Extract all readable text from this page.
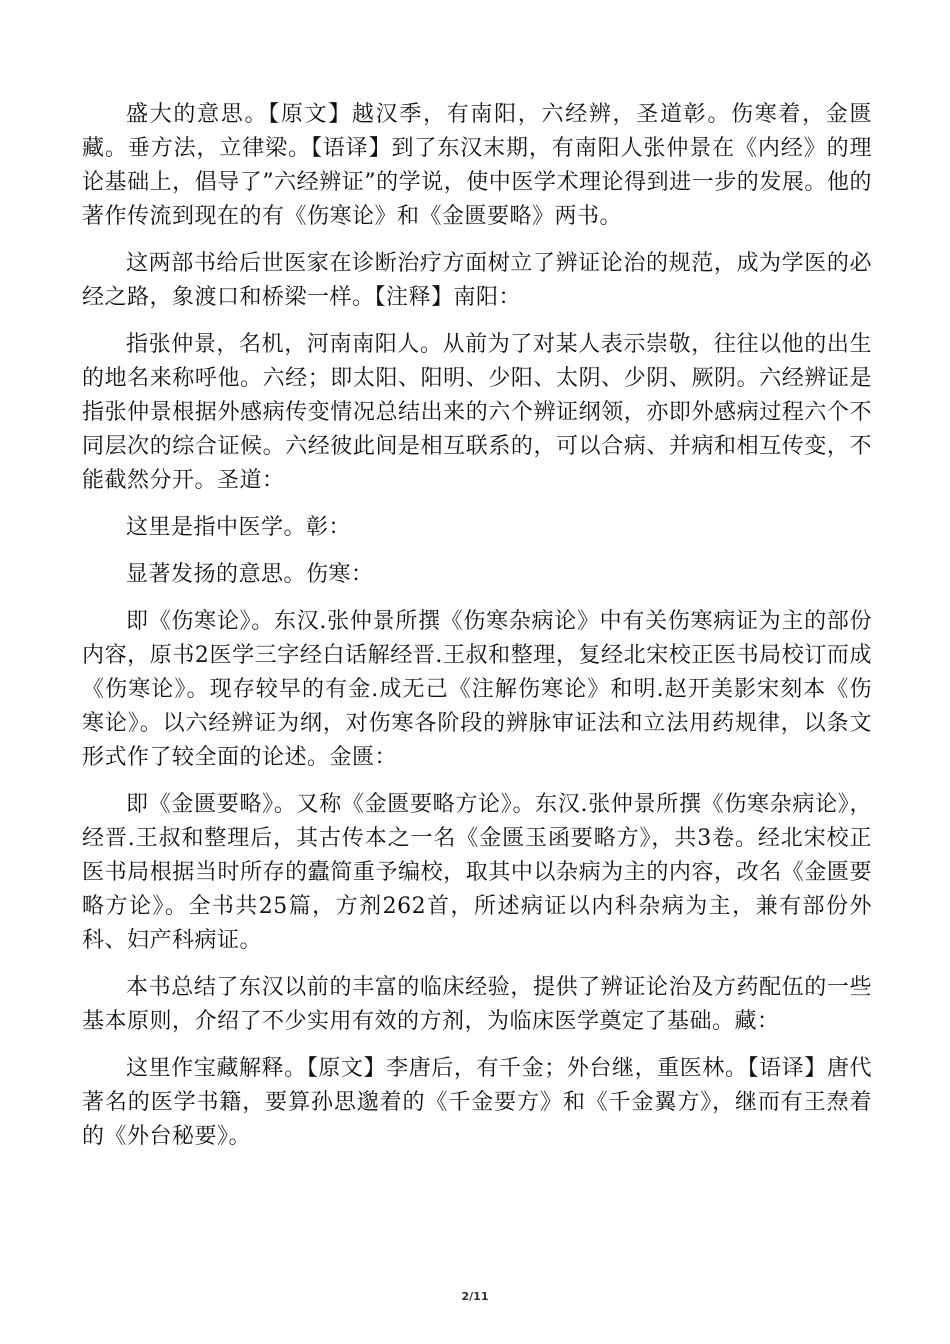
盛大的意思。【原文】越汉季，有南阳，六经辨，圣道彰。伤寒着，金匮藏。垂方法，立律梁。【语译】到了东汉末期，有南阳人张仲景在《内经》的理论基础上，倡导了”六经辨证”的学说，使中医学术理论得到进一步的发展。他的著作传流到现在的有《伤寒论》和《金匮要略》两书。

这两部书给后世医家在诊断治疗方面树立了辨证论治的规范，成为学医的必经之路，象渡口和桥梁一样。【注释】南阳：

指张仲景，名机，河南南阳人。从前为了对某人表示崇敬，往往以他的出生的地名来称呼他。六经；即太阳、阳明、少阳、太阴、少阴、厥阴。六经辨证是指张仲景根据外感病传变情况总结出来的六个辨证纲领，亦即外感病过程六个不同层次的综合证候。六经彼此间是相互联系的，可以合病、并病和相互传变，不能截然分开。圣道：

这里是指中医学。彰：

显著发扬的意思。伤寒：

即《伤寒论》。东汉.张仲景所撰《伤寒杂病论》中有关伤寒病证为主的部份内容，原书2医学三字经白话解经晋.王叔和整理，复经北宋校正医书局校订而成《伤寒论》。现存较早的有金.成无己《注解伤寒论》和明.赵开美影宋刻本《伤寒论》。以六经辨证为纲，对伤寒各阶段的辨脉审证法和立法用药规律，以条文形式作了较全面的论述。金匮：

即《金匮要略》。又称《金匮要略方论》。东汉.张仲景所撰《伤寒杂病论》，经晋.王叔和整理后，其古传本之一名《金匮玉函要略方》，共3卷。经北宋校正医书局根据当时所存的蠹简重予编校，取其中以杂病为主的内容，改名《金匮要略方论》。全书共25篇，方剂262首，所述病证以内科杂病为主，兼有部份外科、妇产科病证。

本书总结了东汉以前的丰富的临床经验，提供了辨证论治及方药配伍的一些基本原则，介绍了不少实用有效的方剂，为临床医学奠定了基础。藏：

这里作宝藏解释。【原文】李唐后，有千金；外台继，重医林。【语译】唐代著名的医学书籍，要算孙思邈着的《千金要方》和《千金翼方》，继而有王焘着的《外台秘要》。

2/11
